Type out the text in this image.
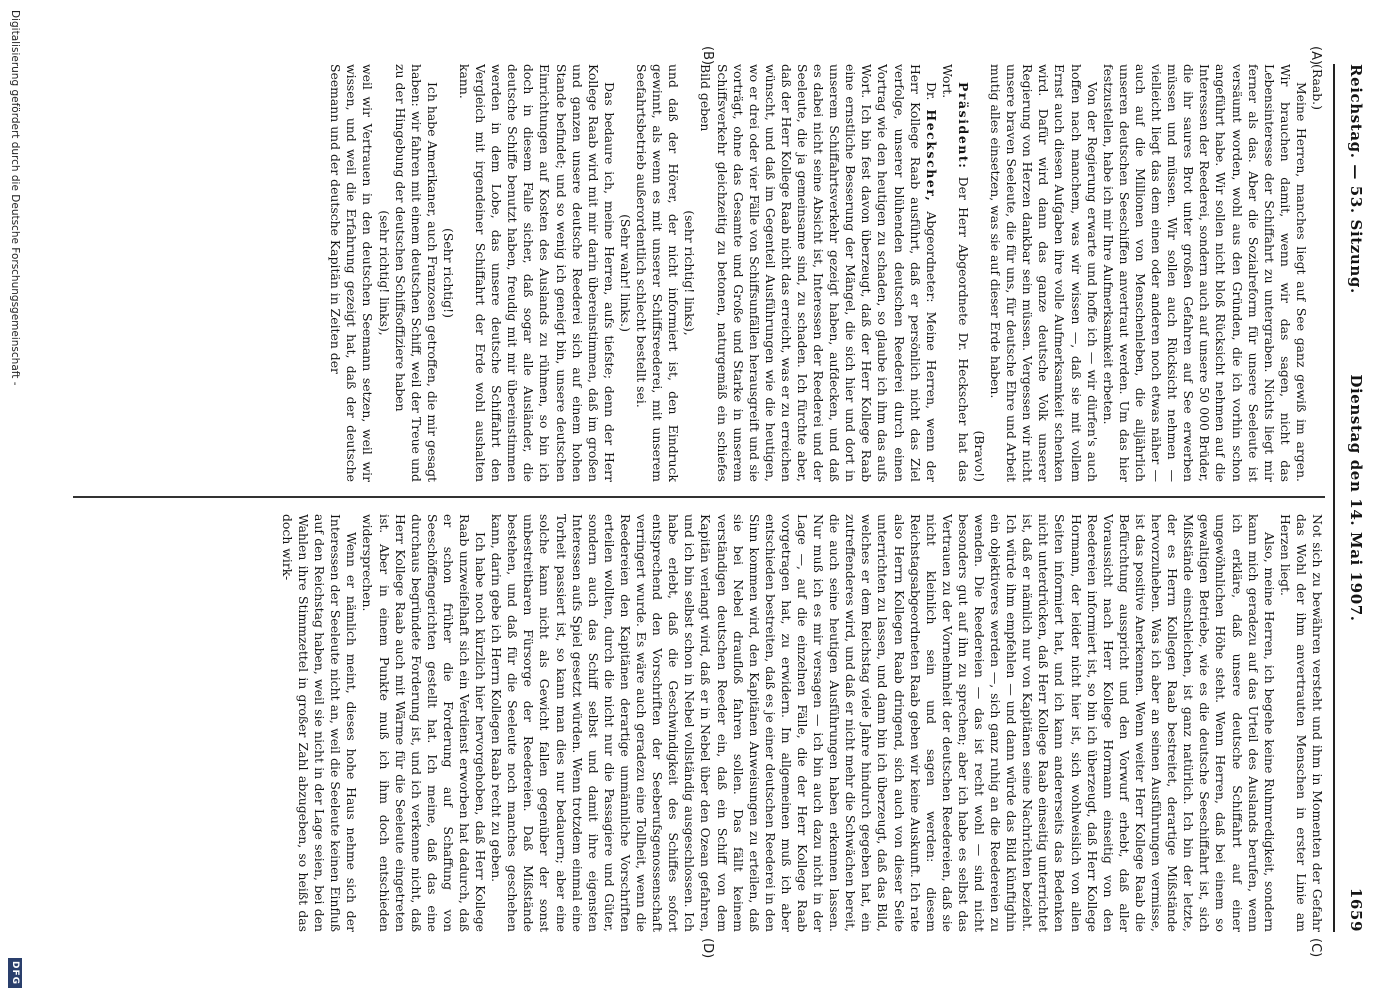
Reichstag. — 53. Sitzung.
Dienstag den 14. Mai 1907.
1659
(A)
(B)
(C)
(D)

(Raab.)

Meine Herren, manches liegt auf See ganz gewiß im argen. Wir brauchen damit, wenn wir das sagen, nicht das Lebensinteresse der Schiffahrt zu untergraben. Nichts liegt mir ferner als das. Aber die Sozialreform für unsere Seeleute ist versäumt worden, wohl aus den Gründen, die ich vorhin schon angeführt habe. Wir sollen nicht bloß Rücksicht nehmen auf die Interessen der Reederei, sondern auch auf unsere 50 000 Brüder, die ihr saures Brot unter großen Gefahren auf See erwerben müssen und müssen. Wir sollen auch Rücksicht nehmen — vielleicht liegt das dem einen oder anderen noch etwas näher — auch auf die Millionen von Menschenleben, die alljährlich unseren deutschen Seeschiffen anvertraut werden. Um das hier festzustellen, habe ich mir Ihre Aufmerksamkeit erbeten.

Von der Regierung erwarte und hoffe ich — wir dürfen's auch hoffen nach manchem, was wir wissen —, daß sie mit vollem Ernst auch diesen Aufgaben ihre volle Aufmerksamkeit schenken wird. Dafür wird dann das ganze deutsche Volk unserer Regierung von Herzen dankbar sein müssen. Vergessen wir nicht unsere braven Seeleute, die für uns, für deutsche Ehre und Arbeit mutig alles einsetzen, was sie auf dieser Erde haben.

(Bravo!)

Präsident: Der Herr Abgeordnete Dr. Heckscher hat das Wort.

Dr. Heckscher, Abgeordneter: Meine Herren, wenn der Herr Kollege Raab ausführt, daß er persönlich nicht das Ziel verfolge, unserer blühenden deutschen Reederei durch einen Vortrag wie den heutigen zu schaden, so glaube ich ihm das aufs Wort. Ich bin fest davon überzeugt, daß der Herr Kollege Raab eine ernstliche Besserung der Mängel, die sich hier und dort in unserem Schiffahrtsverkehr gezeigt haben, aufdecken, und daß es dabei nicht seine Absicht ist, Interessen der Reederei und der Seeleute, die ja gemeinsame sind, zu schaden. Ich fürchte aber, daß der Herr Kollege Raab nicht das erreicht, was er zu erreichen wünscht, und daß im Gegenteil Ausführungen wie die heutigen, wo er drei oder vier Fälle von Schiffsunfällen herausgreift und sie vorträgt, ohne das Gesamte und Große und Starke in unserem Schiffsverkehr gleichzeitig zu betonen, naturgemäß ein schiefes Bild geben

(sehr richtig! links),

und daß der Hörer, der nicht informiert ist, den Eindruck gewinnt, als wenn es mit unserer Schiffsreederei, mit unserem Seefahrtsbetrieb außerordentlich schlecht bestellt sei.

(Sehr wahr! links.)

Das bedaure ich, meine Herren, aufs tiefste; denn der Herr Kollege Raab wird mit mir darin übereinstimmen, daß im großen und ganzen unsere deutsche Reederei sich auf einem hohen Stande befindet; und so wenig ich geneigt bin, unsere deutschen Einrichtungen auf Kosten des Auslands zu rühmen, so bin ich doch in diesem Falle sicher, daß sogar alle Ausländer, die deutsche Schiffe benutzt haben, freudig mit mir übereinstimmen werden in dem Lobe, das unsere deutsche Schiffahrt den Vergleich mit irgendeiner Schiffahrt der Erde wohl aushalten kann.

(Sehr richtig!)

Ich habe Amerikaner, auch Franzosen getroffen, die mir gesagt haben: wir fahren mit einem deutschen Schiff, weil der Treue und zu der Hingebung der deutschen Schiffsoffiziere haben

(sehr richtig! links),

weil wir Vertrauen in den deutschen Seemann setzen, weil wir wissen, und weil die Erfahrung gezeigt hat, daß der deutsche Seemann und der deutsche Kapitän in Zeiten der

Not sich zu bewähren versteht und ihm in Momenten der Gefahr das Wohl der ihm anvertrauten Menschen in erster Linie am Herzen liegt.

Also, meine Herren, ich begehe keine Ruhmredigkeit, sondern kann mich geradezu auf das Urteil des Auslands berufen, wenn ich erkläre, daß unsere deutsche Schiffahrt auf einer ungewöhnlichen Höhe steht. Wenn Herren, daß bei einem so gewaltigen Betriebe, wie es die deutsche Seeschiffahrt ist, sich Mißstände einschleichen, ist ganz natürlich. Ich bin der letzte, der es Herrn Kollegen Raab bestreitet, derartige Mißstände hervorzuheben. Was ich aber an seinen Ausführungen vermisse, ist das positive Anerkennen. Wenn weiter Herr Kollege Raab die Befürchtung ausspricht und den Vorwurf erhebt, daß aller Voraussicht nach Herr Kollege Hormann einseitig von den Reedereien informiert ist, so bin ich überzeugt, daß Herr Kollege Hormann, der leider nicht hier ist, sich wohlweislich von allen Seiten informiert hat, und ich kann andererseits das Bedenken nicht unterdrücken, daß Herr Kollege Raab einseitig unterrichtet ist, daß er nämlich nur von Kapitänen seine Nachrichten bezieht. Ich würde ihm empfehlen — und dann würde das Bild künftighin ein objektiveres werden —, sich ganz ruhig an die Reedereien zu wenden. Die Reedereien — das ist recht wohl — sind nicht besonders gut auf ihn zu sprechen; aber ich habe es selbst das Vertrauen zu der Vornehmheit der deutschen Reedereien, daß sie nicht kleinlich sein und sagen werden: diesem Reichstagsabgeordneten Raab geben wir keine Auskunft. Ich rate also Herrn Kollegen Raab dringend, sich auch von dieser Seite unterrichten zu lassen, und dann bin ich überzeugt, daß das Bild, welches er dem Reichstag viele Jahre hindurch gegeben hat, ein zutreffenderes wird, und daß er nicht mehr die Schwächen bereit, die auch seine heutigen Ausführungen haben erkennen lassen. Nur muß ich es mir versagen — ich bin auch dazu nicht in der Lage —, auf die einzelnen Fälle, die der Herr Kollege Raab vorgetragen hat, zu erwidern. Im allgemeinen muß ich aber entschieden bestreiten, daß es je einer deutschen Reederei in den Sinn kommen wird, den Kapitänen Anweisungen zu erteilen, daß sie bei Nebel draufloß fahren sollen. Das fällt keinem verständigen deutschen Reeder ein, daß ein Schiff von dem Kapitän verlangt wird, daß er in Nebel über den Ozean gefahren, und ich bin selbst schon in Nebel vollständig ausgeschlossen. Ich habe erlebt, daß die Geschwindigkeit des Schiffes sofort entsprechend den Vorschriften der Seeberufsgenossenschaft verringert wurde. Es wäre auch geradezu eine Tollheit, wenn die Reedereien den Kapitänen derartige unmännliche Vorschriften erteilen wollten, durch die nicht nur die Passagiere und Güter, sondern auch das Schiff selbst und damit ihre eigensten Interessen aufs Spiel gesetzt würden. Wenn trotzdem einmal eine Torheit passiert ist, so kann man dies nur bedauern; aber eine solche kann nicht als Gewicht fallen gegenüber der sonst unbestreitbaren Fürsorge der Reedereien. Daß Mißstände bestehen, und daß für die Seeleute noch manches geschehen kann, darin gebe ich Herrn Kollegen Raab recht zu geben.

Ich habe noch kürzlich hier hervorgehoben, daß Herr Kollege Raab unzweifelhaft sich ein Verdienst erworben hat dadurch, daß er schon früher die Forderung auf Schaffung von Seeschöffengerichten gestellt hat. Ich meine, daß das eine durchaus begründete Forderung ist, und ich verkenne nicht, daß Herr Kollege Raab auch mit Wärme für die Seeleute eingetreten ist. Aber in einem Punkte muß ich ihm doch entschieden widersprechen.

Wenn er nämlich meint, dieses hohe Haus nehme sich der Interessen der Seeleute nicht an, weil die Seeleute keinen Einfluß auf den Reichstag haben, weil sie nicht in der Lage seien, bei den Wahlen ihre Stimmzettel in großer Zahl abzugeben, so heißt das doch wirk-

Digitalisierung gefördert durch die Deutsche Forschungsgemeinschaft -
DFG
